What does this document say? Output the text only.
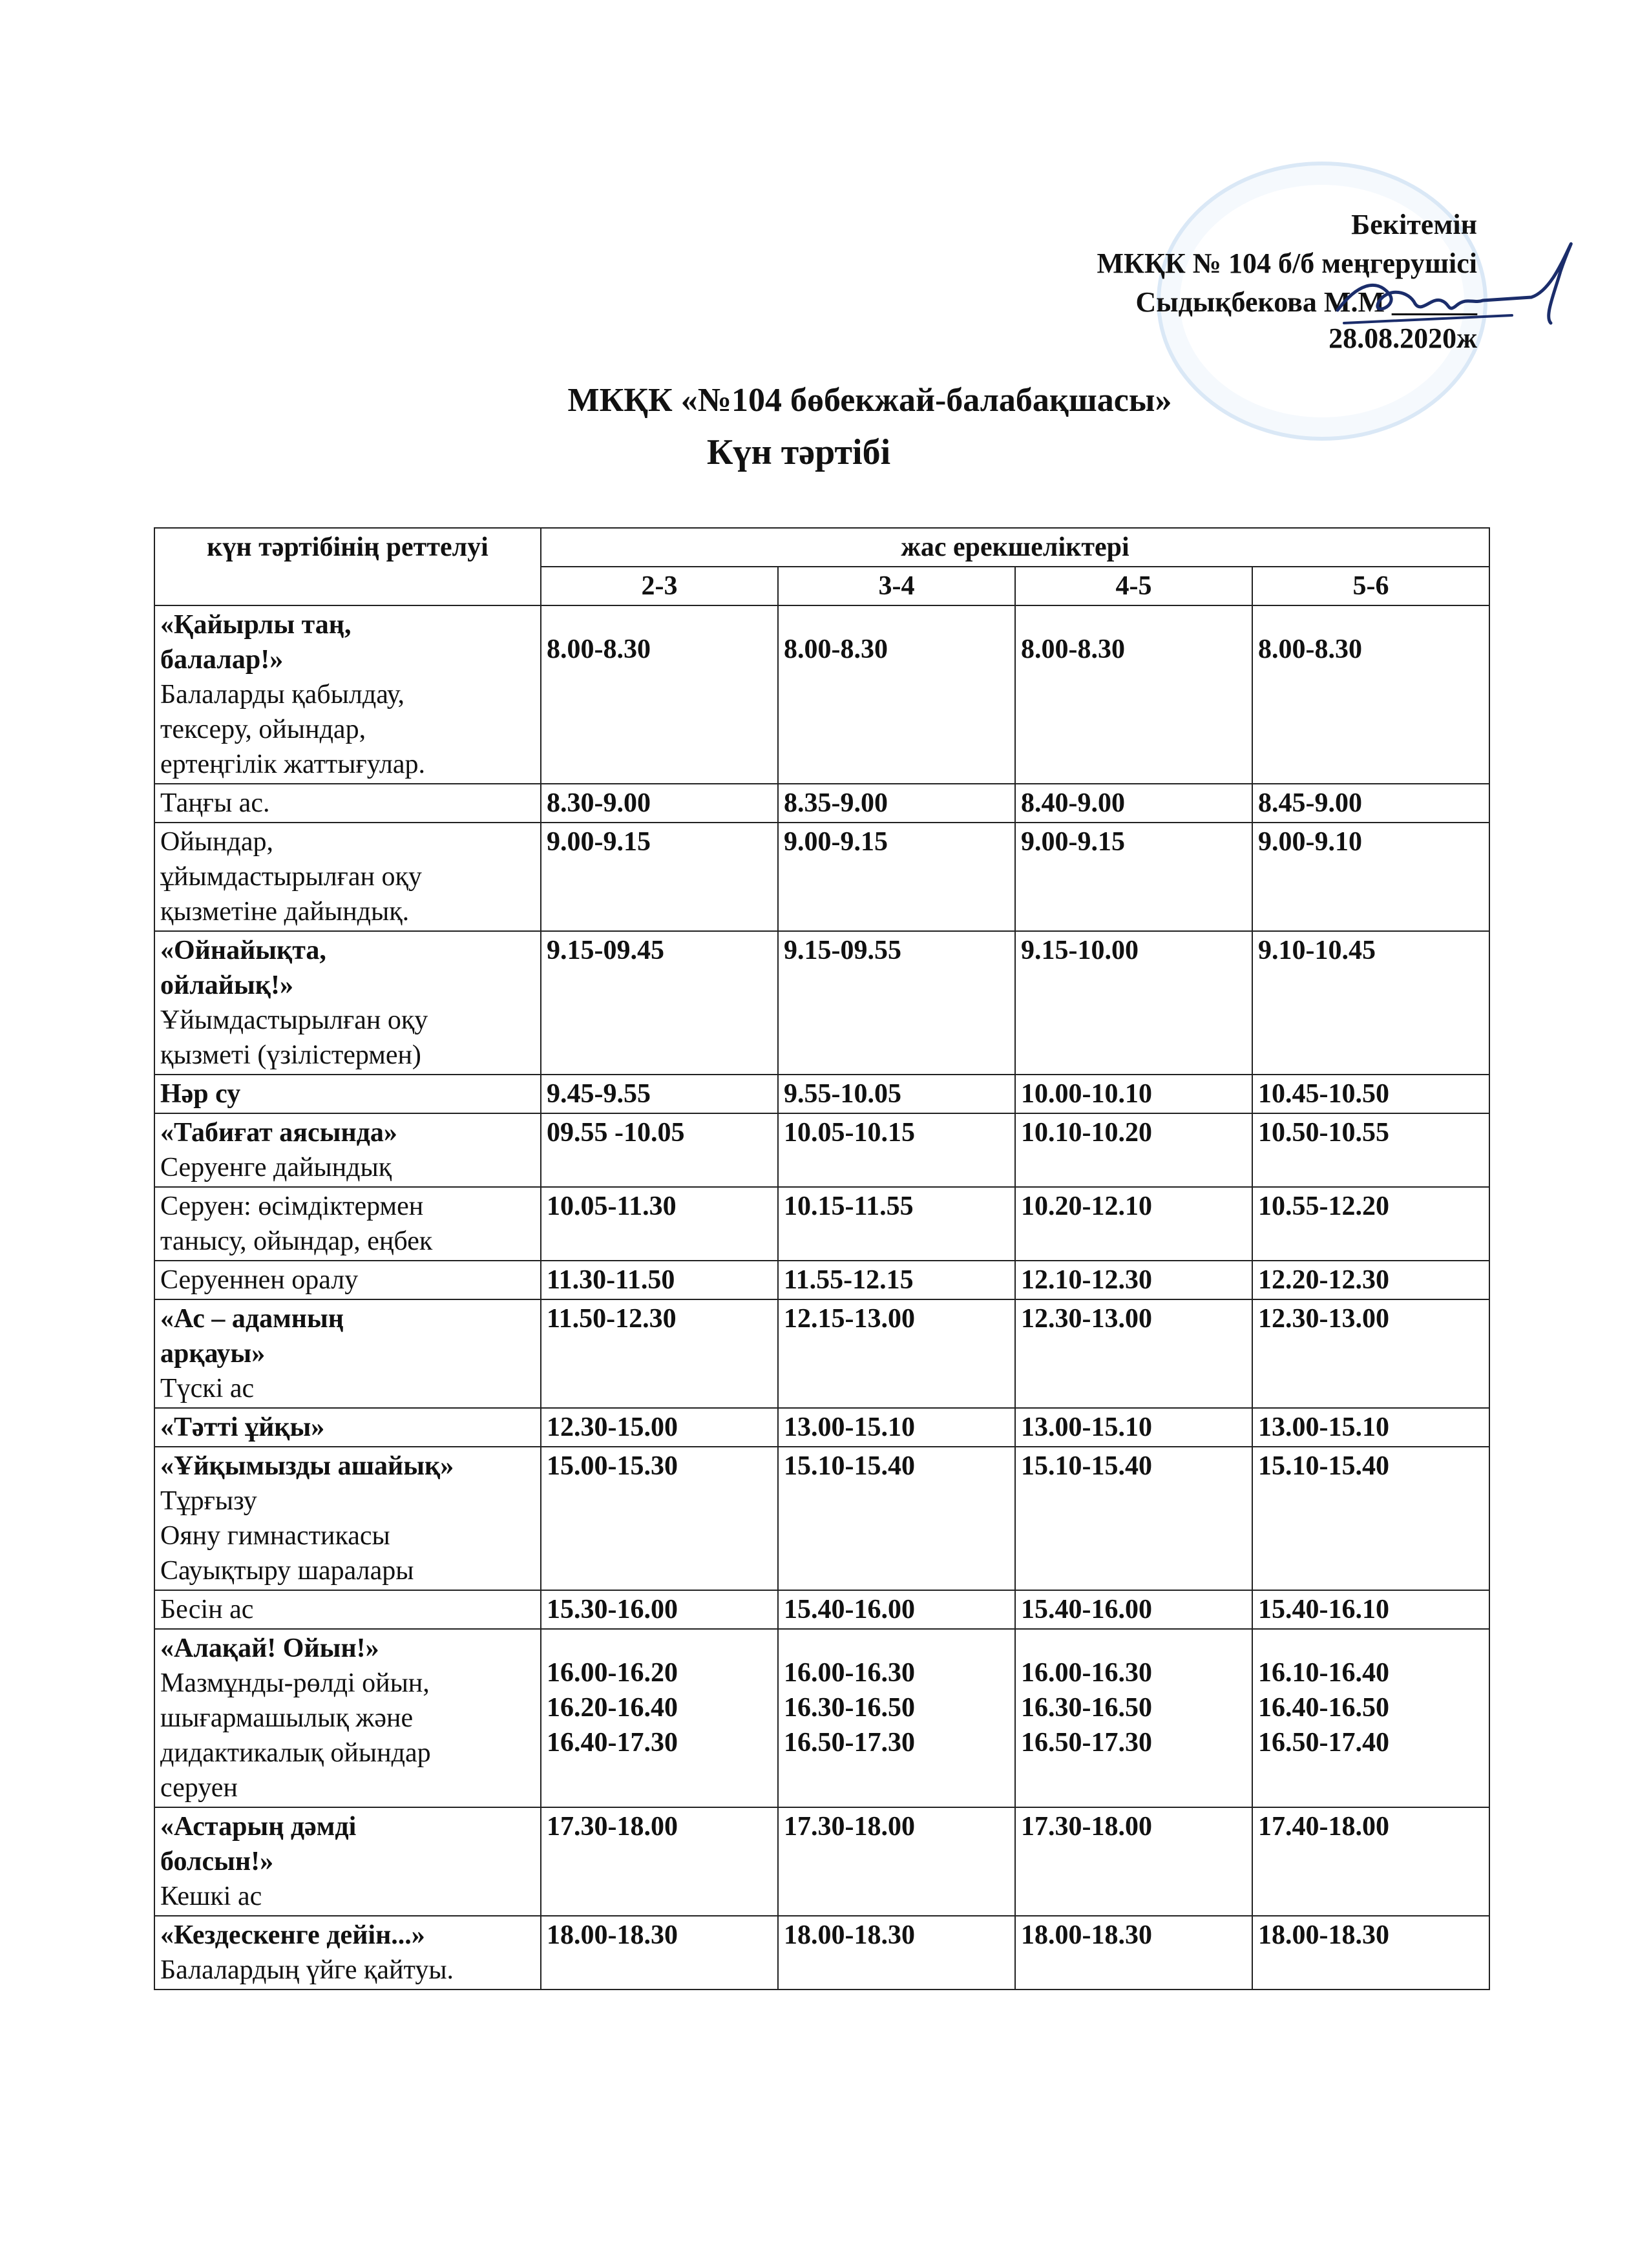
Бекітемін
МКҚК № 104 б/б меңгерушісі
Сыдықбекова М.М ______
28.08.2020ж
МКҚК «№104 бөбекжай-балабақшасы»
Күн тәртібі
күн тәртібінің реттелуі	жас ерекшеліктері			
	2-3	3-4	4-5	5-6

«Қайырлы таң,
балалар!»
Балаларды қабылдау,
тексеру, ойындар,
ертеңгілік жаттығулар.	8.00-8.30	8.00-8.30	8.00-8.30	8.00-8.30

Таңғы ас.	8.30-9.00	8.35-9.00	8.40-9.00	8.45-9.00

Ойындар,
ұйымдастырылған оқу
қызметіне дайындық.	9.00-9.15	9.00-9.15	9.00-9.15	9.00-9.10

«Ойнайықта,
ойлайық!»
Ұйымдастырылған оқу
қызметі (үзілістермен)	9.15-09.45	9.15-09.55	9.15-10.00	9.10-10.45

Нәр су	9.45-9.55	9.55-10.05	10.00-10.10	10.45-10.50

«Табиғат аясында»
Серуенге дайындық	09.55 -10.05	10.05-10.15	10.10-10.20	10.50-10.55

Серуен: өсімдіктермен
танысу, ойындар, еңбек	10.05-11.30	10.15-11.55	10.20-12.10	10.55-12.20

Серуеннен оралу	11.30-11.50	11.55-12.15	12.10-12.30	12.20-12.30

«Ас – адамның
арқауы»
Түскі ас	11.50-12.30	12.15-13.00	12.30-13.00	12.30-13.00

«Тәтті ұйқы»	12.30-15.00	13.00-15.10	13.00-15.10	13.00-15.10

«Ұйқымызды ашайық»
Тұрғызу
Ояну гимнастикасы
Сауықтыру шаралары	15.00-15.30	15.10-15.40	15.10-15.40	15.10-15.40

Бесін ас	15.30-16.00	15.40-16.00	15.40-16.00	15.40-16.10

«Алақай! Ойын!»
Мазмұнды-рөлді ойын,
шығармашылық және
дидактикалық ойындар
серуен	16.00-16.20
16.20-16.40
16.40-17.30	16.00-16.30
16.30-16.50
16.50-17.30	16.00-16.30
16.30-16.50
16.50-17.30	16.10-16.40
16.40-16.50
16.50-17.40

«Астарың дәмді
болсын!»
Кешкі ас	17.30-18.00	17.30-18.00	17.30-18.00	17.40-18.00

«Кездескенге дейін...»
Балалардың үйге қайтуы.	18.00-18.30	18.00-18.30	18.00-18.30	18.00-18.30
